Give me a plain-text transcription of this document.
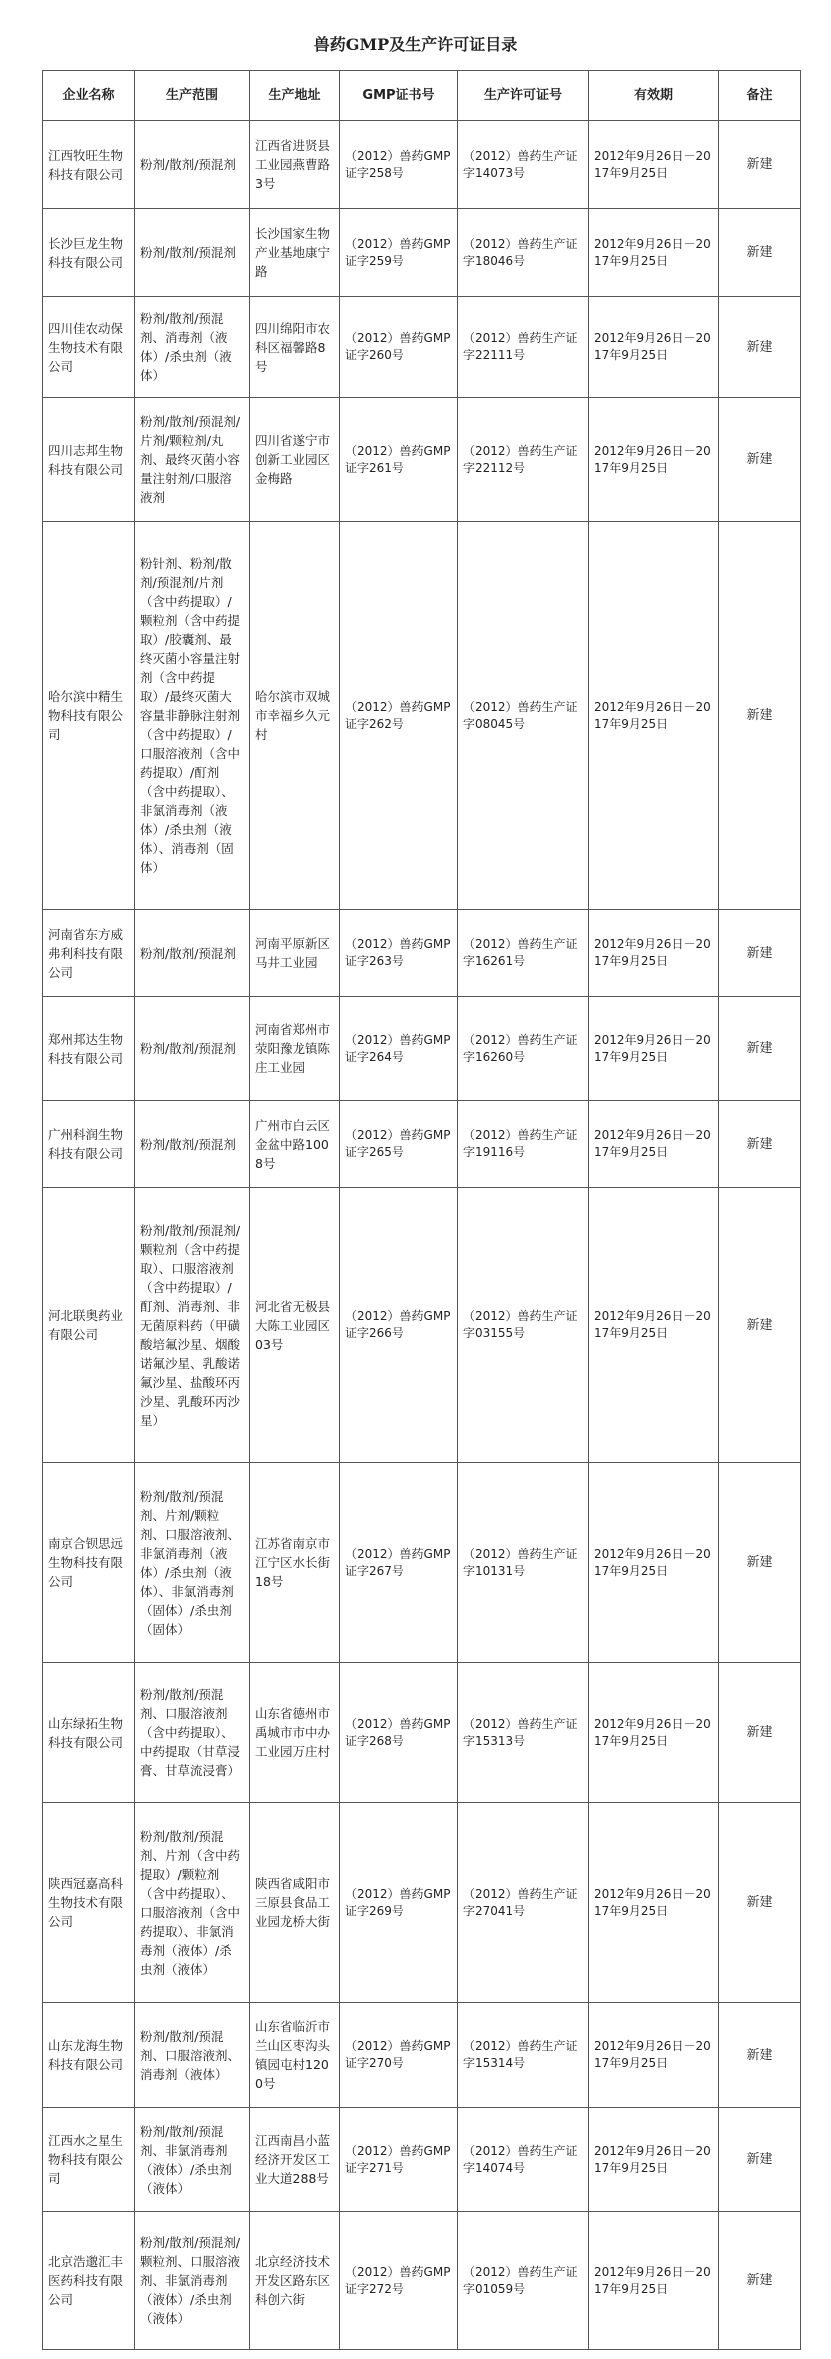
兽药GMP及生产许可证目录
企业名称	生产范围	生产地址	GMP证书号	生产许可证号	有效期	备注
江西牧旺生物科技有限公司	粉剂/散剂/预混剂	江西省进贤县工业园燕曹路3号	（2012）兽药GMP证字258号	（2012）兽药生产证字14073号	2012年9月26日－2017年9月25日	新建
长沙巨龙生物科技有限公司	粉剂/散剂/预混剂	长沙国家生物产业基地康宁路	（2012）兽药GMP证字259号	（2012）兽药生产证字18046号	2012年9月26日－2017年9月25日	新建
四川佳农动保生物技术有限公司	粉剂/散剂/预混剂、消毒剂（液体）/杀虫剂（液体）	四川绵阳市农科区福馨路8号	（2012）兽药GMP证字260号	（2012）兽药生产证字22111号	2012年9月26日－2017年9月25日	新建
四川志邦生物科技有限公司	粉剂/散剂/预混剂/片剂/颗粒剂/丸剂、最终灭菌小容量注射剂/口服溶液剂	四川省遂宁市创新工业园区金梅路	（2012）兽药GMP证字261号	（2012）兽药生产证字22112号	2012年9月26日－2017年9月25日	新建
哈尔滨中精生物科技有限公司	粉针剂、粉剂/散剂/预混剂/片剂（含中药提取）/颗粒剂（含中药提取）/胶囊剂、最终灭菌小容量注射剂（含中药提取）/最终灭菌大容量非静脉注射剂（含中药提取）/口服溶液剂（含中药提取）/酊剂（含中药提取）、非氯消毒剂（液体）/杀虫剂（液体）、消毒剂（固体）	哈尔滨市双城市幸福乡久元村	（2012）兽药GMP证字262号	（2012）兽药生产证字08045号	2012年9月26日－2017年9月25日	新建
河南省东方威弗利科技有限公司	粉剂/散剂/预混剂	河南平原新区马井工业园	（2012）兽药GMP证字263号	（2012）兽药生产证字16261号	2012年9月26日－2017年9月25日	新建
郑州邦达生物科技有限公司	粉剂/散剂/预混剂	河南省郑州市荥阳豫龙镇陈庄工业园	（2012）兽药GMP证字264号	（2012）兽药生产证字16260号	2012年9月26日－2017年9月25日	新建
广州科润生物科技有限公司	粉剂/散剂/预混剂	广州市白云区金盆中路1008号	（2012）兽药GMP证字265号	（2012）兽药生产证字19116号	2012年9月26日－2017年9月25日	新建
河北联奥药业有限公司	粉剂/散剂/预混剂/颗粒剂（含中药提取）、口服溶液剂（含中药提取）/酊剂、消毒剂、非无菌原料药（甲磺酸培氟沙星、烟酸诺氟沙星、乳酸诺氟沙星、盐酸环丙沙星、乳酸环丙沙星）	河北省无极县大陈工业园区03号	（2012）兽药GMP证字266号	（2012）兽药生产证字03155号	2012年9月26日－2017年9月25日	新建
南京合钡思远生物科技有限公司	粉剂/散剂/预混剂、片剂/颗粒剂、口服溶液剂、非氯消毒剂（液体）/杀虫剂（液体）、非氯消毒剂（固体）/杀虫剂（固体）	江苏省南京市江宁区水长街18号	（2012）兽药GMP证字267号	（2012）兽药生产证字10131号	2012年9月26日－2017年9月25日	新建
山东绿拓生物科技有限公司	粉剂/散剂/预混剂、口服溶液剂（含中药提取）、中药提取（甘草浸膏、甘草流浸膏）	山东省德州市禹城市市中办工业园万庄村	（2012）兽药GMP证字268号	（2012）兽药生产证字15313号	2012年9月26日－2017年9月25日	新建
陕西冠嘉高科生物技术有限公司	粉剂/散剂/预混剂、片剂（含中药提取）/颗粒剂（含中药提取）、口服溶液剂（含中药提取）、非氯消毒剂（液体）/杀虫剂（液体）	陕西省咸阳市三原县食品工业园龙桥大街	（2012）兽药GMP证字269号	（2012）兽药生产证字27041号	2012年9月26日－2017年9月25日	新建
山东龙海生物科技有限公司	粉剂/散剂/预混剂、口服溶液剂、消毒剂（液体）	山东省临沂市兰山区枣沟头镇园屯村1200号	（2012）兽药GMP证字270号	（2012）兽药生产证字15314号	2012年9月26日－2017年9月25日	新建
江西水之星生物科技有限公司	粉剂/散剂/预混剂、非氯消毒剂（液体）/杀虫剂（液体）	江西南昌小蓝经济开发区工业大道288号	（2012）兽药GMP证字271号	（2012）兽药生产证字14074号	2012年9月26日－2017年9月25日	新建
北京浩邈汇丰医药科技有限公司	粉剂/散剂/预混剂/颗粒剂、口服溶液剂、非氯消毒剂（液体）/杀虫剂（液体）	北京经济技术开发区路东区科创六街	（2012）兽药GMP证字272号	（2012）兽药生产证字01059号	2012年9月26日－2017年9月25日	新建
